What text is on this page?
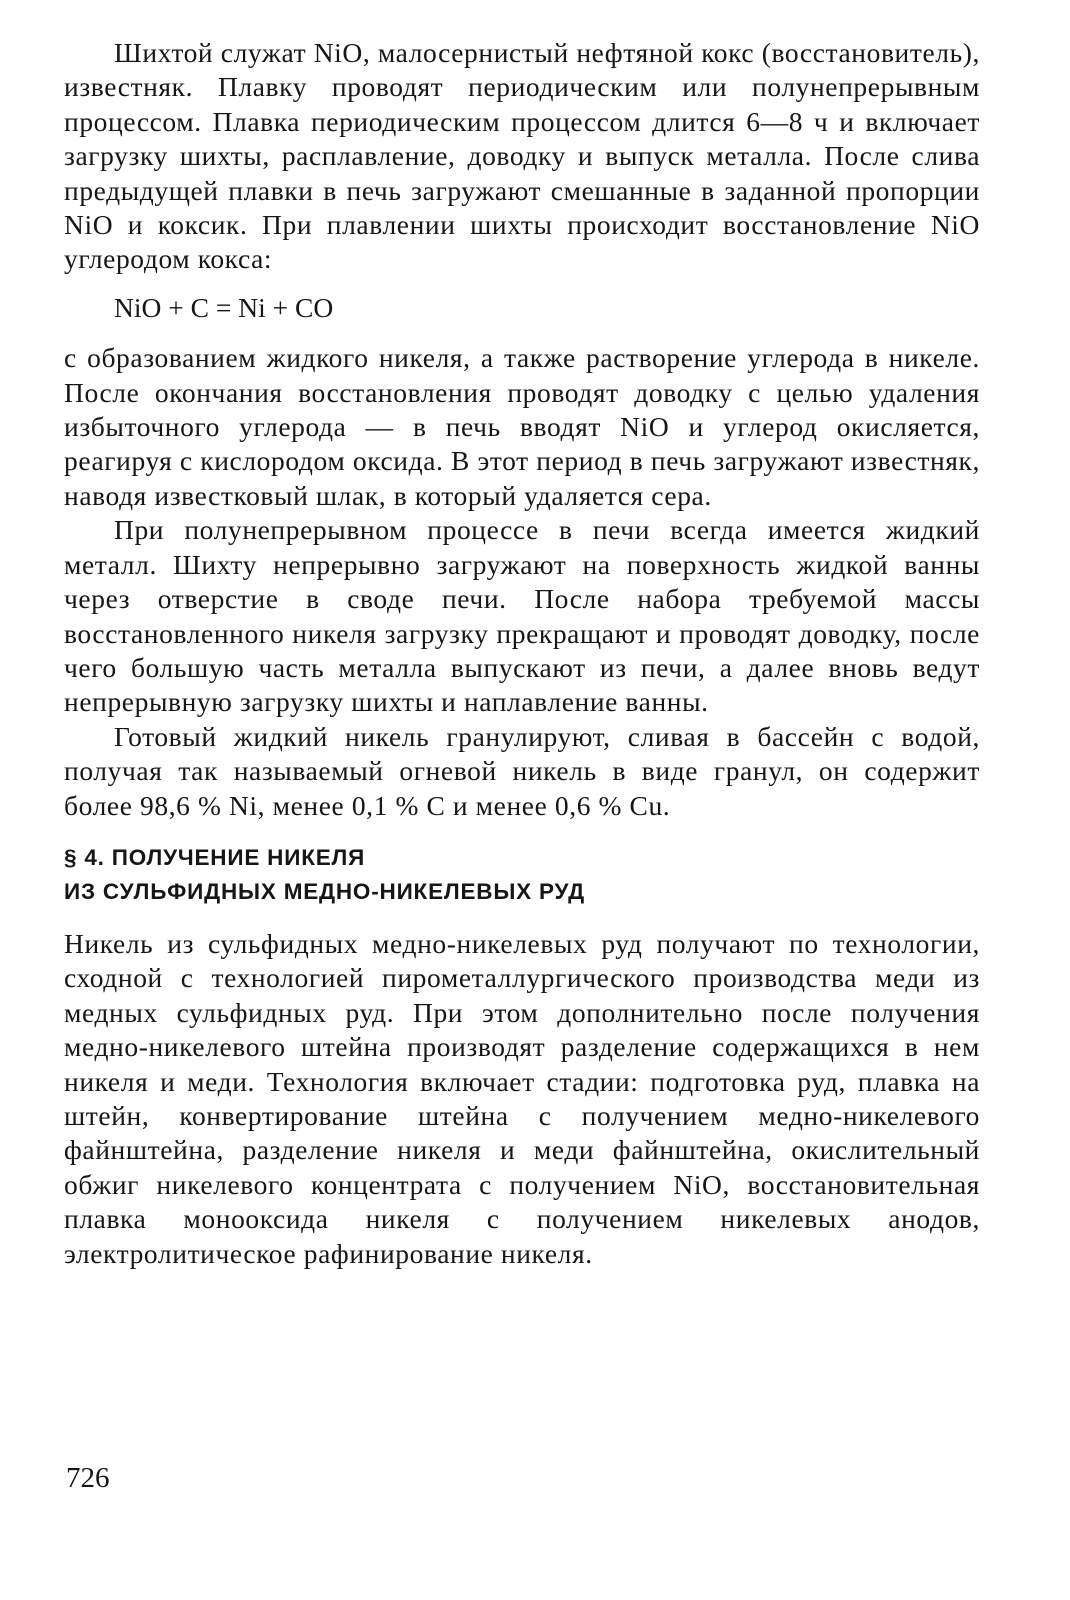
Шихтой служат NiO, малосернистый нефтяной кокс (восстановитель), известняк. Плавку проводят периодическим или полунепрерывным процессом. Плавка периодическим процессом длится 6—8 ч и включает загрузку шихты, расплавление, доводку и выпуск металла. После слива предыдущей плавки в печь загружают смешанные в заданной пропорции NiO и коксик. При плавлении шихты происходит восстановление NiO углеродом кокса:

NiO + C = Ni + CO

с образованием жидкого никеля, а также растворение углерода в никеле. После окончания восстановления проводят доводку с целью удаления избыточного углерода — в печь вводят NiO и углерод окисляется, реагируя с кислородом оксида. В этот период в печь загружают известняк, наводя известковый шлак, в который удаляется сера.

При полунепрерывном процессе в печи всегда имеется жидкий металл. Шихту непрерывно загружают на поверхность жидкой ванны через отверстие в своде печи. После набора требуемой массы восстановленного никеля загрузку прекращают и проводят доводку, после чего большую часть металла выпускают из печи, а далее вновь ведут непрерывную загрузку шихты и наплавление ванны.

Готовый жидкий никель гранулируют, сливая в бассейн с водой, получая так называемый огневой никель в виде гранул, он содержит более 98,6 % Ni, менее 0,1 % С и менее 0,6 % Cu.

§ 4. ПОЛУЧЕНИЕ НИКЕЛЯ
ИЗ СУЛЬФИДНЫХ МЕДНО-НИКЕЛЕВЫХ РУД

Никель из сульфидных медно-никелевых руд получают по технологии, сходной с технологией пирометаллургического производства меди из медных сульфидных руд. При этом дополнительно после получения медно-никелевого штейна производят разделение содержащихся в нем никеля и меди. Технология включает стадии: подготовка руд, плавка на штейн, конвертирование штейна с получением медно-никелевого файнштейна, разделение никеля и меди файнштейна, окислительный обжиг никелевого концентрата с получением NiO, восстановительная плавка монооксида никеля с получением никелевых анодов, электролитическое рафинирование никеля.

726
